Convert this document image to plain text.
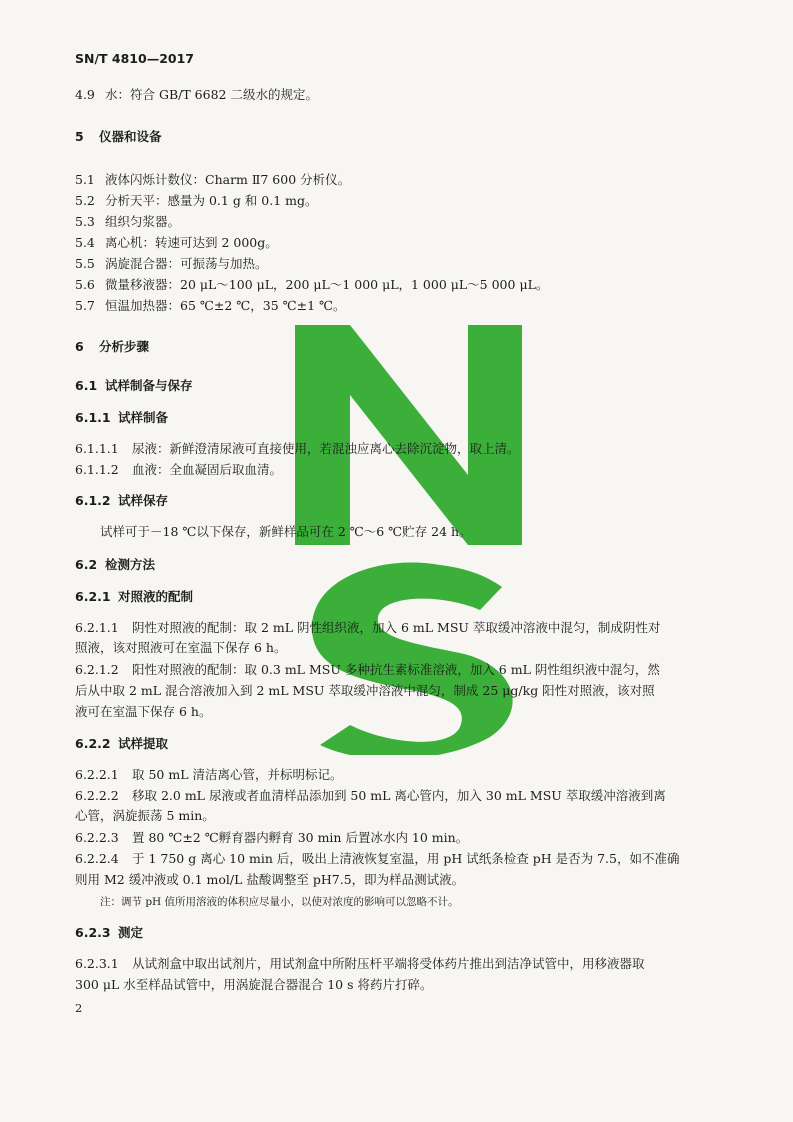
SN/T 4810—2017
4.9 水：符合 GB/T 6682 二级水的规定。
5 仪器和设备
5.1 液体闪烁计数仪：Charm Ⅱ7 600 分析仪。
5.2 分析天平：感量为 0.1 g 和 0.1 mg。
5.3 组织匀浆器。
5.4 离心机：转速可达到 2 000g。
5.5 涡旋混合器：可振荡与加热。
5.6 微量移液器：20 μL～100 μL，200 μL～1 000 μL，1 000 μL～5 000 μL。
5.7 恒温加热器：65 ℃±2 ℃，35 ℃±1 ℃。
6 分析步骤
6.1 试样制备与保存
6.1.1 试样制备
6.1.1.1 尿液：新鲜澄清尿液可直接使用，若混浊应离心去除沉淀物，取上清。
6.1.1.2 血液：全血凝固后取血清。
6.1.2 试样保存
试样可于－18 ℃以下保存，新鲜样品可在 2 ℃～6 ℃贮存 24 h。
6.2 检测方法
6.2.1 对照液的配制
6.2.1.1 阴性对照液的配制：取 2 mL 阴性组织液，加入 6 mL MSU 萃取缓冲溶液中混匀，制成阴性对
照液，该对照液可在室温下保存 6 h。
6.2.1.2 阳性对照液的配制：取 0.3 mL MSU 多种抗生素标准溶液，加入 6 mL 阴性组织液中混匀，然
后从中取 2 mL 混合溶液加入到 2 mL MSU 萃取缓冲溶液中混匀，制成 25 μg/kg 阳性对照液，该对照
液可在室温下保存 6 h。
6.2.2 试样提取
6.2.2.1 取 50 mL 清洁离心管，并标明标记。
6.2.2.2 移取 2.0 mL 尿液或者血清样品添加到 50 mL 离心管内，加入 30 mL MSU 萃取缓冲溶液到离
心管，涡旋振荡 5 min。
6.2.2.3 置 80 ℃±2 ℃孵育器内孵育 30 min 后置冰水内 10 min。
6.2.2.4 于 1 750 g 离心 10 min 后，吸出上清液恢复室温，用 pH 试纸条检查 pH 是否为 7.5，如不准确
则用 M2 缓冲液或 0.1 mol/L 盐酸调整至 pH7.5，即为样品测试液。
注：调节 pH 值所用溶液的体积应尽量小，以使对浓度的影响可以忽略不计。
6.2.3 测定
6.2.3.1 从试剂盒中取出试剂片，用试剂盒中所附压杆平端将受体药片推出到洁净试管中，用移液器取
300 μL 水至样品试管中，用涡旋混合器混合 10 s 将药片打碎。
2
